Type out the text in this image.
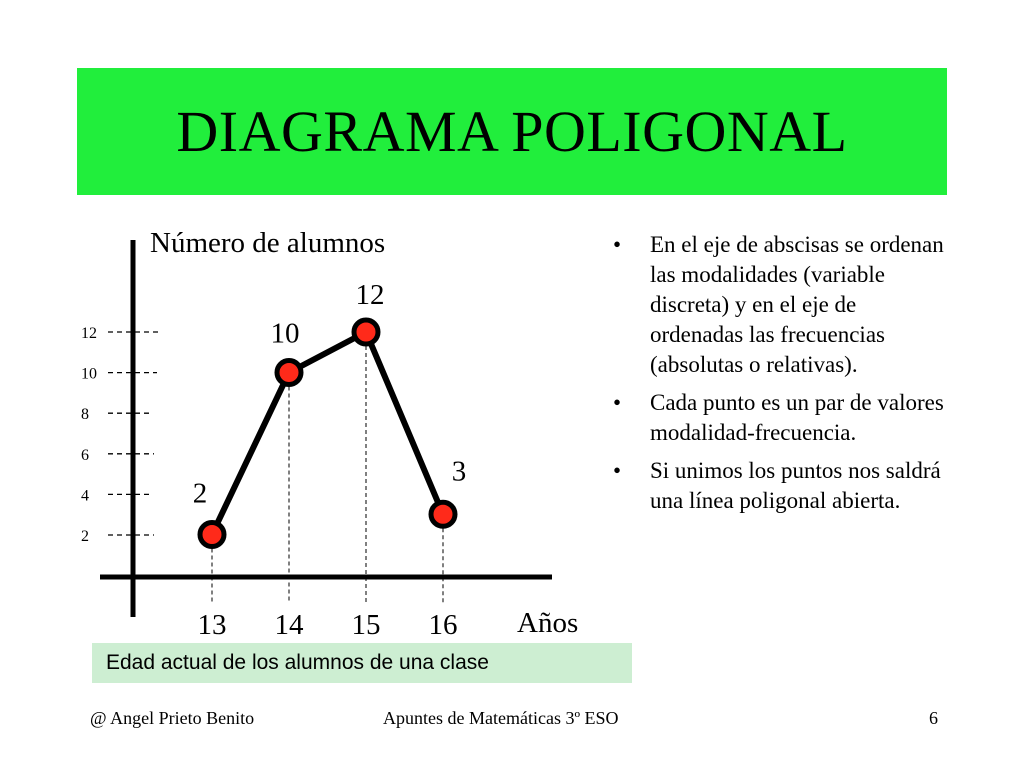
DIAGRAMA POLIGONAL
Número de alumnos
Años
2
4
6
8
10
12
13 14 15 16
2
10
12
3
• En el eje de abscisas se ordenan las modalidades (variable discreta) y en el eje de ordenadas las frecuencias (absolutas o relativas).
• Cada punto es un par de valores modalidad-frecuencia.
• Si unimos los puntos nos saldrá una línea poligonal abierta.
Edad actual de los alumnos de una clase
@ Angel Prieto Benito	Apuntes de Matemáticas 3º ESO	6
